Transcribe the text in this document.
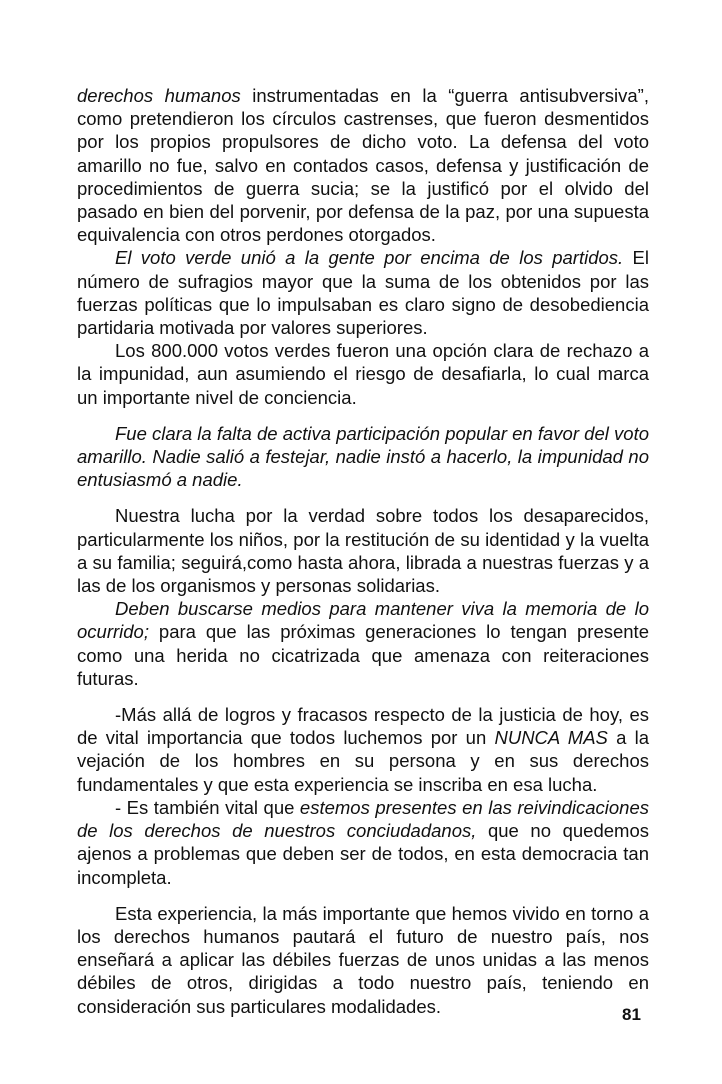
derechos humanos instrumentadas en la “guerra antisubversiva”, como pretendieron los círculos castrenses, que fueron desmentidos por los propios propulsores de dicho voto. La defensa del voto amarillo no fue, salvo en contados casos, defensa y justificación de procedimientos de guerra sucia; se la justificó por el olvido del pasado en bien del porvenir, por defensa de la paz, por una supuesta equivalencia con otros perdones otorgados.

El voto verde unió a la gente por encima de los partidos. El número de sufragios mayor que la suma de los obtenidos por las fuerzas políticas que lo impulsaban es claro signo de desobediencia partidaria motivada por valores superiores.

Los 800.000 votos verdes fueron una opción clara de rechazo a la impunidad, aun asumiendo el riesgo de desafiarla, lo cual marca un importante nivel de conciencia.

Fue clara la falta de activa participación popular en favor del voto amarillo. Nadie salió a festejar, nadie instó a hacerlo, la impunidad no entusiasmó a nadie.

Nuestra lucha por la verdad sobre todos los desaparecidos, particularmente los niños, por la restitución de su identidad y la vuelta a su familia; seguirá,como hasta ahora, librada a nuestras fuerzas y a las de los organismos y personas solidarias.

Deben buscarse medios para mantener viva la memoria de lo ocurrido; para que las próximas generaciones lo tengan presente como una herida no cicatrizada que amenaza con reiteraciones futuras.

-Más allá de logros y fracasos respecto de la justicia de hoy, es de vital importancia que todos luchemos por un NUNCA MAS a la vejación de los hombres en su persona y en sus derechos fundamentales y que esta experiencia se inscriba en esa lucha.

- Es también vital que estemos presentes en las reivindicaciones de los derechos de nuestros conciudadanos, que no quedemos ajenos a problemas que deben ser de todos, en esta democracia tan incompleta.

Esta experiencia, la más importante que hemos vivido en torno a los derechos humanos pautará el futuro de nuestro país, nos enseñará a aplicar las débiles fuerzas de unos unidas a las menos débiles de otros, dirigidas a todo nuestro país, teniendo en consideración sus particulares modalidades.	81
